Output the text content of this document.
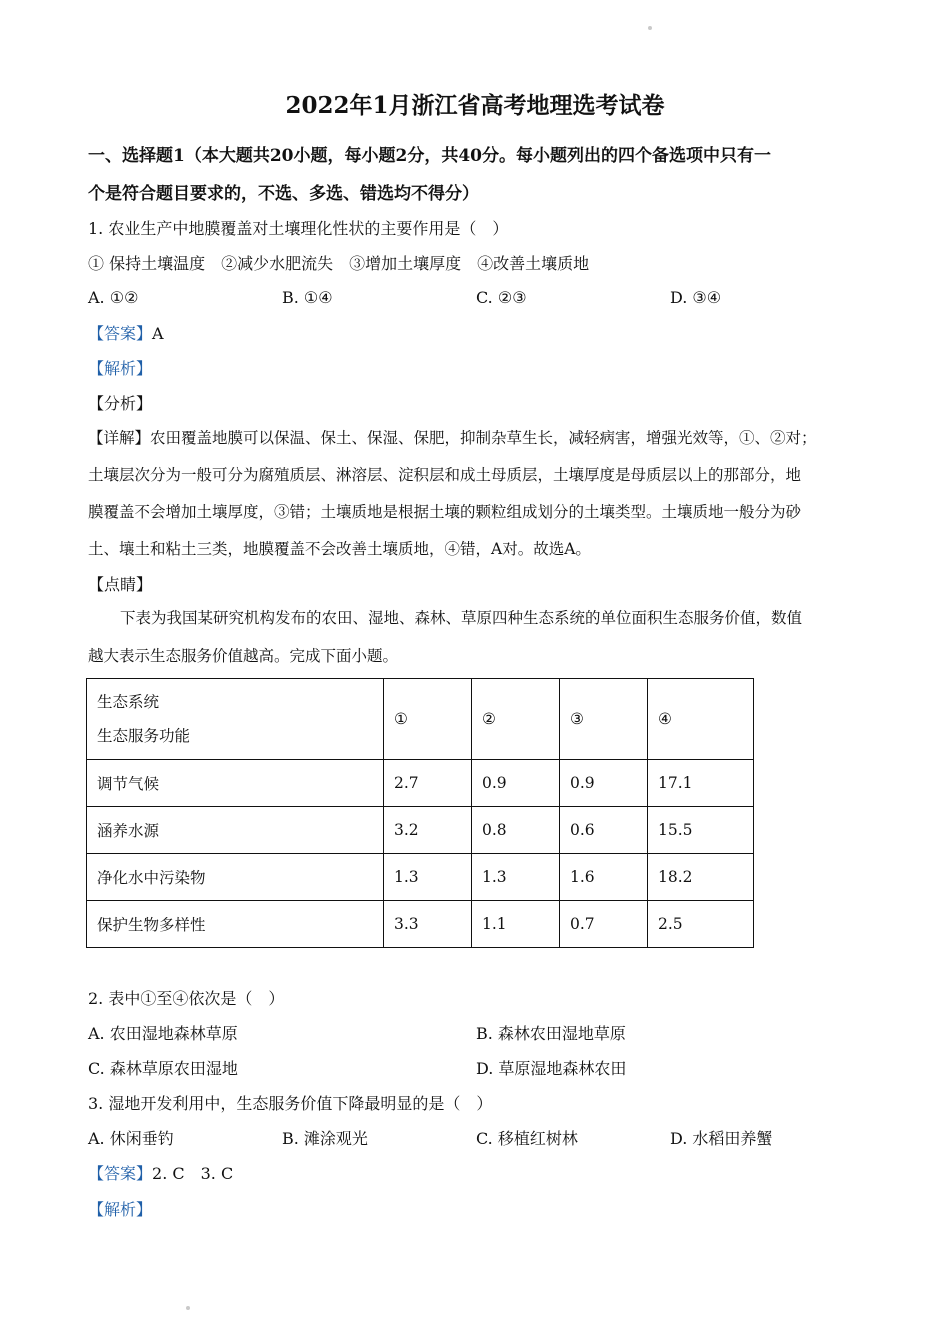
2022年1月浙江省高考地理选考试卷
一、选择题1（本大题共20小题，每小题2分，共40分。每小题列出的四个备选项中只有一
个是符合题目要求的，不选、多选、错选均不得分）
1. 农业生产中地膜覆盖对土壤理化性状的主要作用是（　）
① 保持土壤温度　②减少水肥流失　③增加土壤厚度　④改善土壤质地
A. ①②	B. ①④	C. ②③	D. ③④
【答案】A
【解析】
【分析】
【详解】农田覆盖地膜可以保温、保土、保湿、保肥，抑制杂草生长，减轻病害，增强光效等，①、②对；
土壤层次分为一般可分为腐殖质层、淋溶层、淀积层和成土母质层，土壤厚度是母质层以上的那部分，地
膜覆盖不会增加土壤厚度，③错；土壤质地是根据土壤的颗粒组成划分的土壤类型。土壤质地一般分为砂
土、壤土和粘土三类，地膜覆盖不会改善土壤质地，④错，A对。故选A。
【点睛】
下表为我国某研究机构发布的农田、湿地、森林、草原四种生态系统的单位面积生态服务价值，数值
越大表示生态服务价值越高。完成下面小题。
生态系统
生态服务功能	①	②	③	④
调节气候	2.7	0.9	0.9	17.1
涵养水源	3.2	0.8	0.6	15.5
净化水中污染物	1.3	1.3	1.6	18.2
保护生物多样性	3.3	1.1	0.7	2.5
2. 表中①至④依次是（　）
A. 农田湿地森林草原	B. 森林农田湿地草原
C. 森林草原农田湿地	D. 草原湿地森林农田
3. 湿地开发利用中，生态服务价值下降最明显的是（　）
A. 休闲垂钓	B. 滩涂观光	C. 移植红树林	D. 水稻田养蟹
【答案】2. C　3. C
【解析】
